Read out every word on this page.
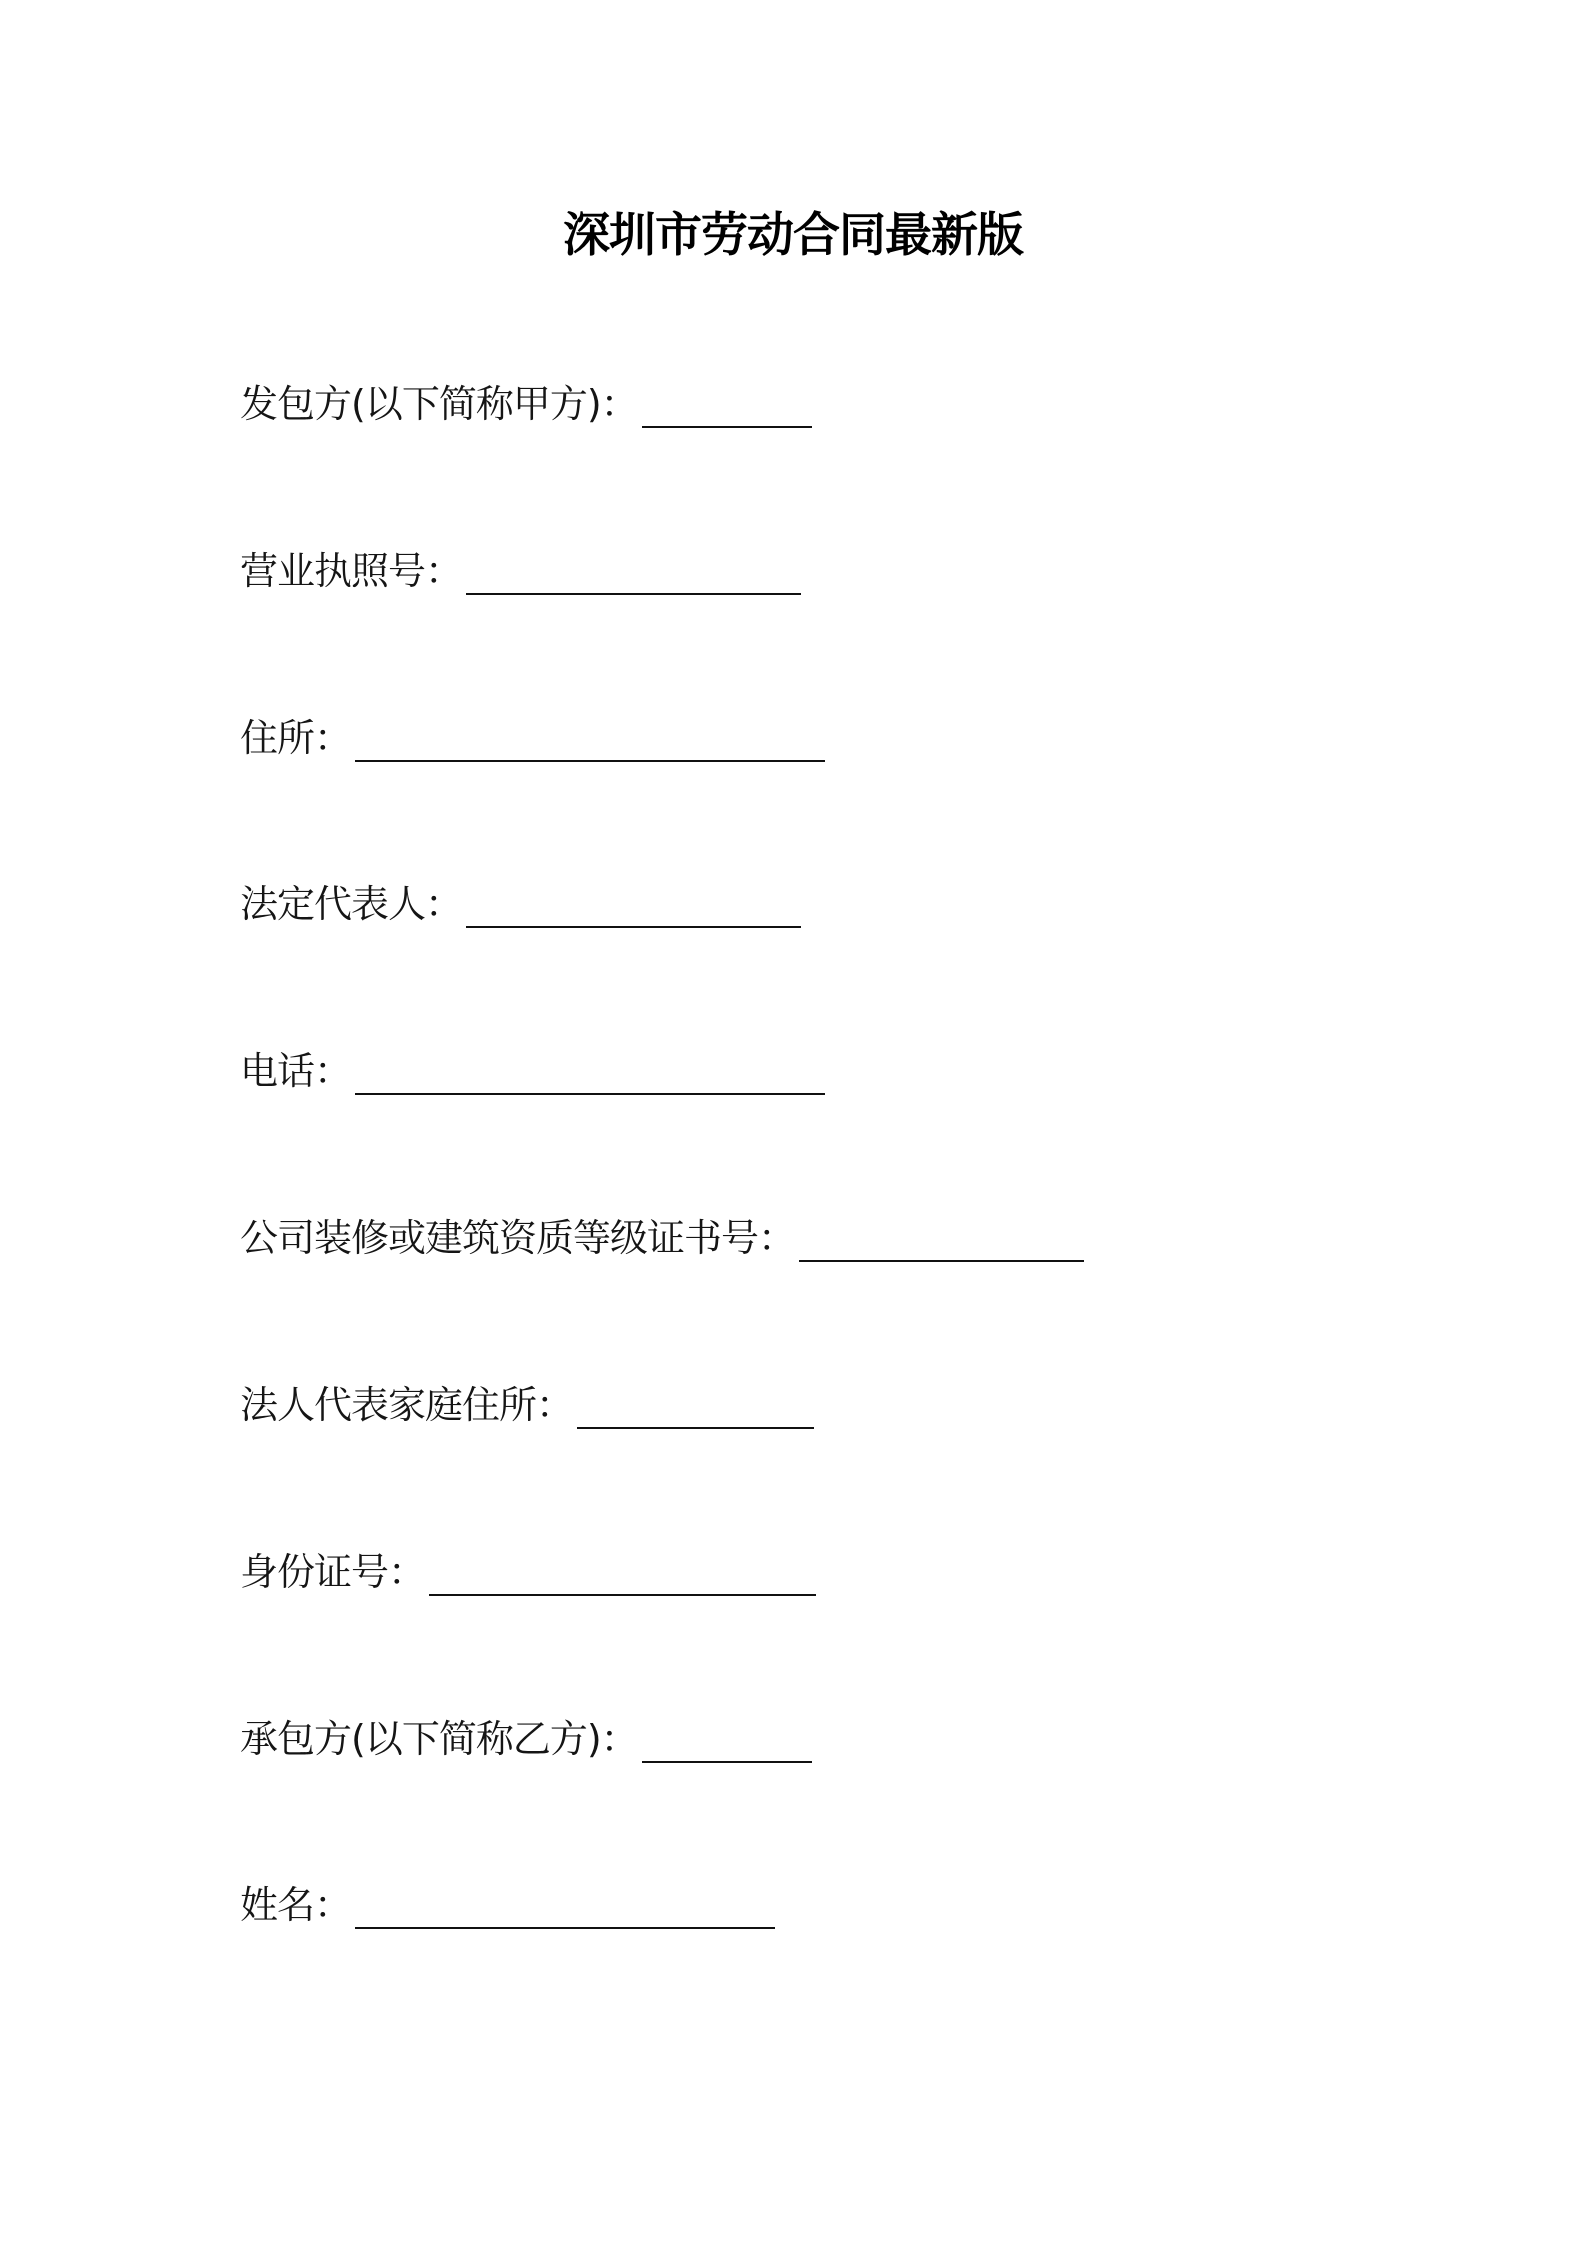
深圳市劳动合同最新版
发包方(以下简称甲方)：
营业执照号：
住所：
法定代表人：
电话：
公司装修或建筑资质等级证书号：
法人代表家庭住所：
身份证号：
承包方(以下简称乙方)：
姓名：
